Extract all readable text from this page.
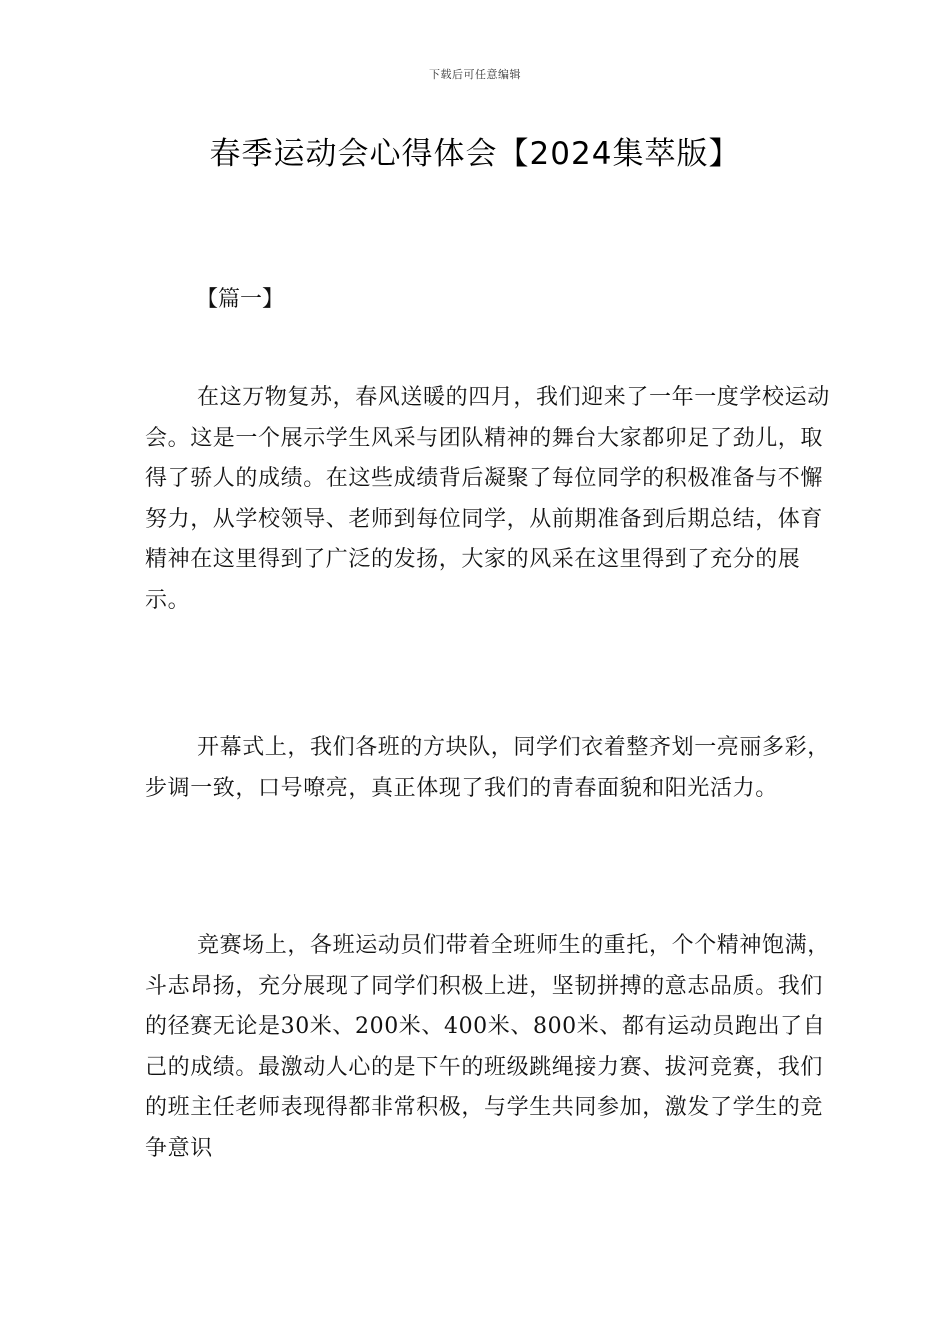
下载后可任意编辑
春季运动会心得体会【2024集萃版】

【篇一】

在这万物复苏，春风送暖的四月，我们迎来了一年一度学校运动会。这是一个展示学生风采与团队精神的舞台大家都卯足了劲儿，取得了骄人的成绩。在这些成绩背后凝聚了每位同学的积极准备与不懈努力，从学校领导、老师到每位同学，从前期准备到后期总结，体育精神在这里得到了广泛的发扬，大家的风采在这里得到了充分的展示。

开幕式上，我们各班的方块队，同学们衣着整齐划一亮丽多彩，步调一致，口号嘹亮，真正体现了我们的青春面貌和阳光活力。

竞赛场上，各班运动员们带着全班师生的重托，个个精神饱满，斗志昂扬，充分展现了同学们积极上进，坚韧拼搏的意志品质。我们的径赛无论是30米、200米、400米、800米、都有运动员跑出了自己的成绩。最激动人心的是下午的班级跳绳接力赛、拔河竞赛，我们的班主任老师表现得都非常积极，与学生共同参加，激发了学生的竞争意识
